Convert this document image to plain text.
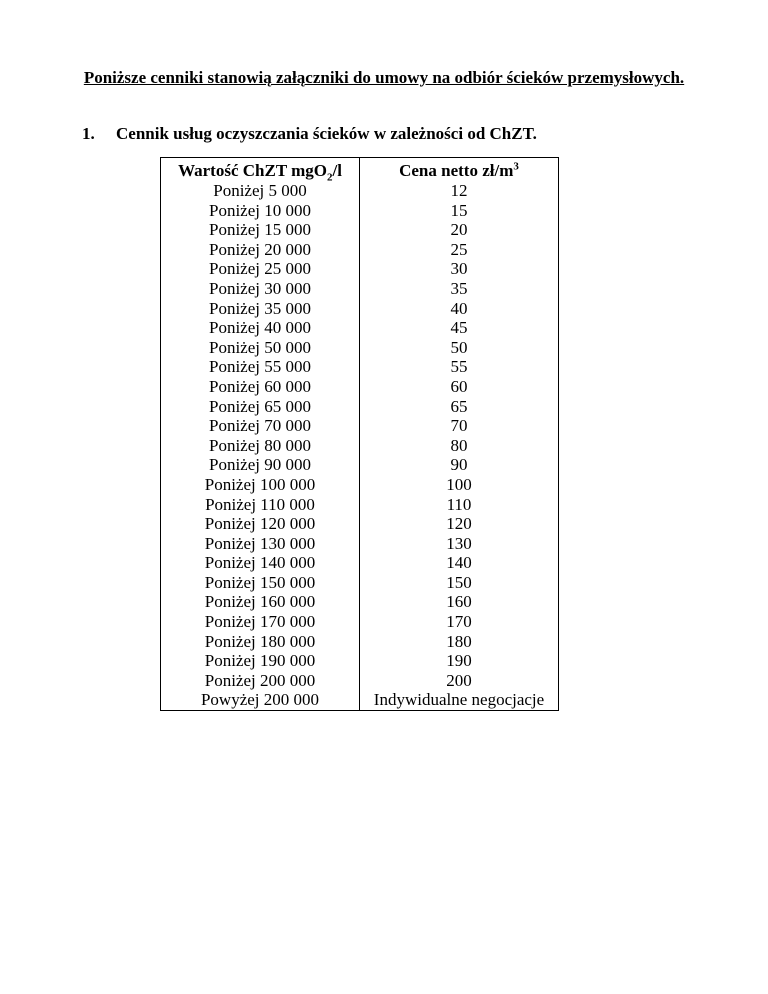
Poniższe cenniki stanowią załączniki do umowy na odbiór ścieków przemysłowych.
1. Cennik usług oczyszczania ścieków w zależności od ChZT.
Wartość ChZT mgO$_2$/l	Cena netto $zł/m^3$
Poniżej 5 000	12
Poniżej 10 000	15
Poniżej 15 000	20
Poniżej 20 000	25
Poniżej 25 000	30
Poniżej 30 000	35
Poniżej 35 000	40
Poniżej 40 000	45
Poniżej 50 000	50
Poniżej 55 000	55
Poniżej 60 000	60
Poniżej 65 000	65
Poniżej 70 000	70
Poniżej 80 000	80
Poniżej 90 000	90
Poniżej 100 000	100
Poniżej 110 000	110
Poniżej 120 000	120
Poniżej 130 000	130
Poniżej 140 000	140
Poniżej 150 000	150
Poniżej 160 000	160
Poniżej 170 000	170
Poniżej 180 000	180
Poniżej 190 000	190
Poniżej 200 000	200
Powyżej 200 000	Indywidualne negocjacje
